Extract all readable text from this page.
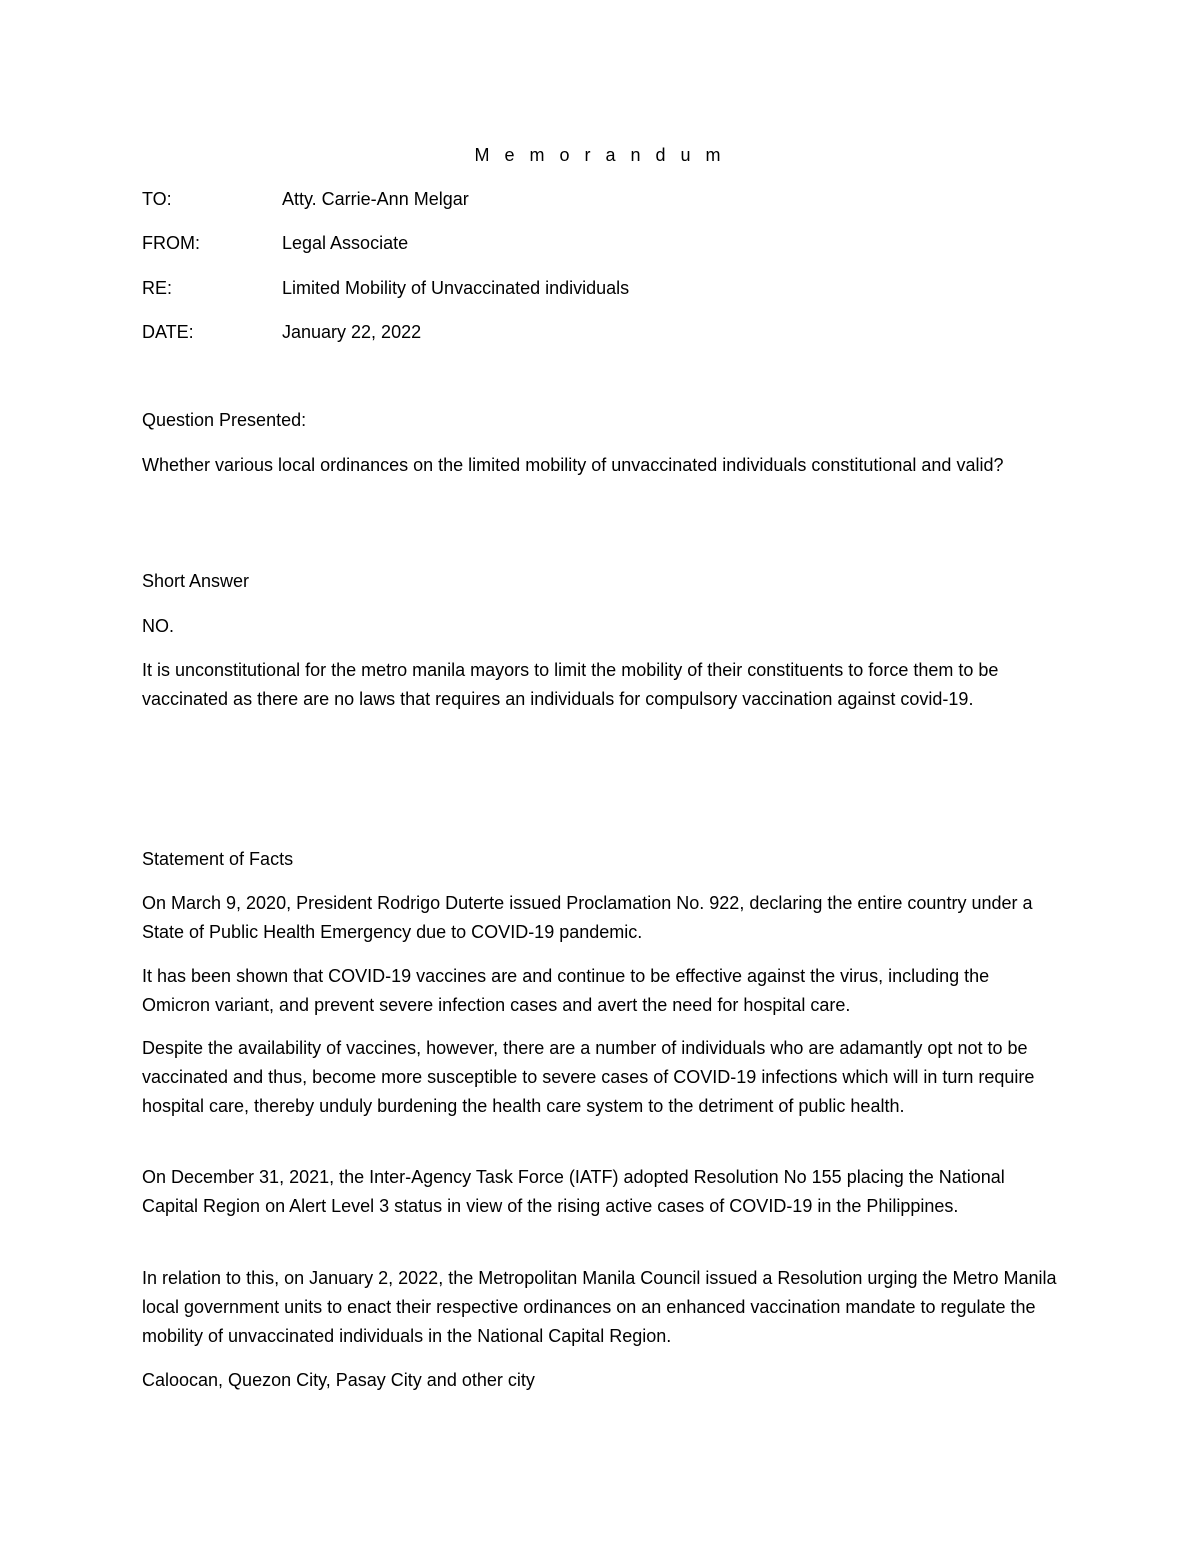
M e m o r a n d u m
TO:	Atty. Carrie-Ann Melgar
FROM:	Legal Associate
RE:	Limited Mobility of Unvaccinated individuals
DATE:	January 22, 2022

Question Presented:

Whether various local ordinances on the limited mobility of unvaccinated individuals constitutional and valid?

Short Answer

NO.

It is unconstitutional for the metro manila mayors to limit the mobility of their constituents to force them to be vaccinated as there are no laws that requires an individuals for compulsory vaccination against covid-19.

Statement of Facts

On March 9, 2020, President Rodrigo Duterte issued Proclamation No. 922, declaring the entire country under a State of Public Health Emergency due to COVID-19 pandemic.

It has been shown that COVID-19 vaccines are and continue to be effective against the virus, including the Omicron variant, and prevent severe infection cases and avert the need for hospital care.

Despite the availability of vaccines, however, there are a number of individuals who are adamantly opt not to be vaccinated and thus, become more susceptible to severe cases of COVID-19 infections which will in turn require hospital care, thereby unduly burdening the health care system to the detriment of public health.

On December 31, 2021, the Inter-Agency Task Force (IATF) adopted Resolution No 155 placing the National Capital Region on Alert Level 3 status in view of the rising active cases of COVID-19 in the Philippines.

In relation to this, on January 2, 2022, the Metropolitan Manila Council issued a Resolution urging the Metro Manila local government units to enact their respective ordinances on an enhanced vaccination mandate to regulate the mobility of unvaccinated individuals in the National Capital Region.

Caloocan, Quezon City, Pasay City and other city
